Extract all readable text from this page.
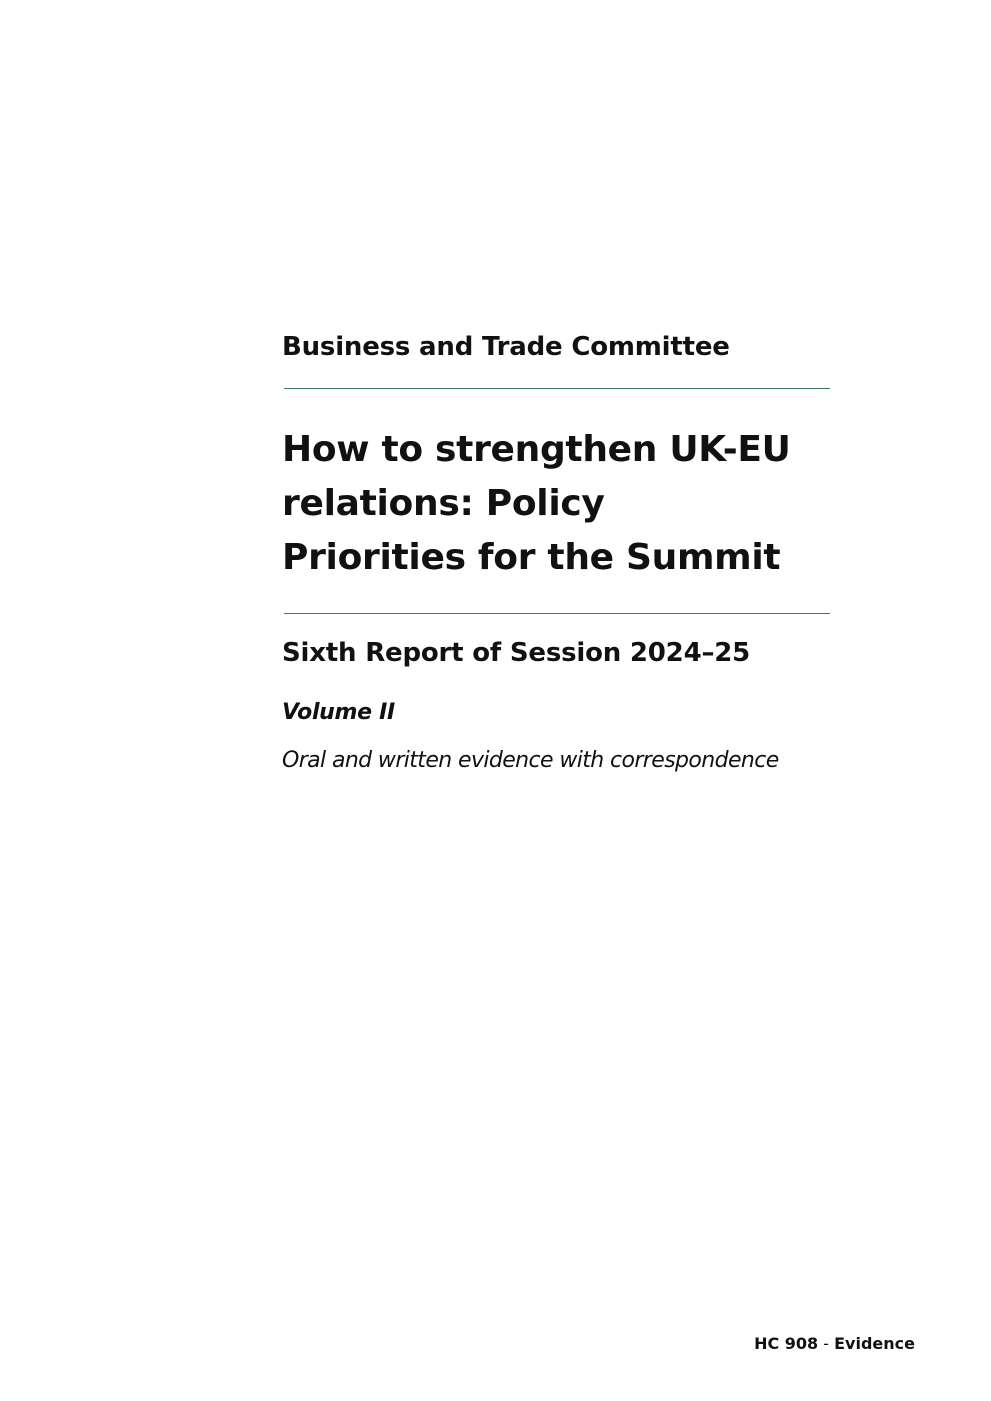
Business and Trade Committee
How to strengthen UK-EU relations: Policy Priorities for the Summit
Sixth Report of Session 2024–25

Volume II

Oral and written evidence with correspondence

HC 908 - Evidence
